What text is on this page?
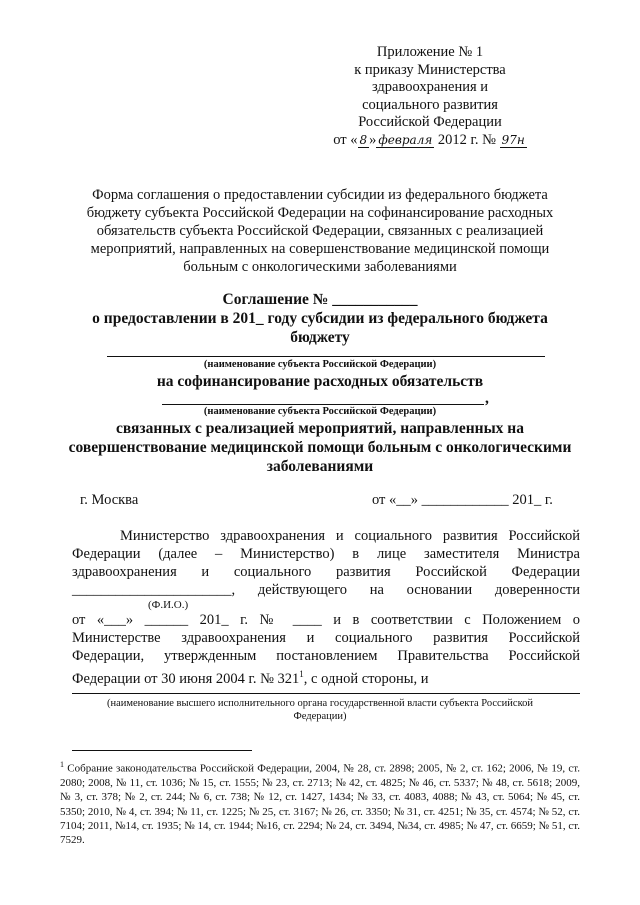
Приложение № 1
к приказу Министерства
здравоохранения и
социального развития
Российской Федерации
от « 8 » февраля 2012 г. № 97н
Форма соглашения о предоставлении субсидии из федерального бюджета
бюджету субъекта Российской Федерации на софинансирование расходных
обязательств субъекта Российской Федерации, связанных с реализацией
мероприятий, направленных на совершенствование медицинской помощи
больным с онкологическими заболеваниями
Соглашение № ___________
о предоставлении в 201_ году субсидии из федерального бюджета
бюджету
(наименование субъекта Российской Федерации)
на софинансирование расходных обязательств
,
(наименование субъекта Российской Федерации)
связанных с реализацией мероприятий, направленных на
совершенствование медицинской помощи больным с онкологическими
заболеваниями
г. Москва	от «__» ____________ 201_ г.
Министерство здравоохранения и социального развития Российской
Федерации (далее – Министерство) в лице заместителя Министра
здравоохранения и социального развития Российской Федерации
______________________, действующего на основании доверенности
(Ф.И.О.)
от «___» ______ 201_ г. № ____ и в соответствии с Положением о
Министерстве здравоохранения и социального развития Российской
Федерации, утвержденным постановлением Правительства Российской
Федерации от 30 июня 2004 г. № $321^1$, с одной стороны, и
(наименование высшего исполнительного органа государственной власти субъекта Российской
Федерации)
$^1$ Собрание законодательства Российской Федерации, 2004, № 28, ст. 2898; 2005, № 2, ст. 162; 2006, № 19, ст. 2080; 2008, № 11, ст. 1036; № 15, ст. 1555; № 23, ст. 2713; № 42, ст. 4825; № 46, ст. 5337; № 48, ст. 5618; 2009, № 3, ст. 378; № 2, ст. 244; № 6, ст. 738; № 12, ст. 1427, 1434; № 33, ст. 4083, 4088; № 43, ст. 5064; № 45, ст. 5350; 2010, № 4, ст. 394; № 11, ст. 1225; № 25, ст. 3167; № 26, ст. 3350; № 31, ст. 4251; № 35, ст. 4574; № 52, ст. 7104; 2011, №14, ст. 1935; № 14, ст. 1944; №16, ст. 2294; № 24, ст. 3494, №34, ст. 4985; № 47, ст. 6659; № 51, ст. 7529.
